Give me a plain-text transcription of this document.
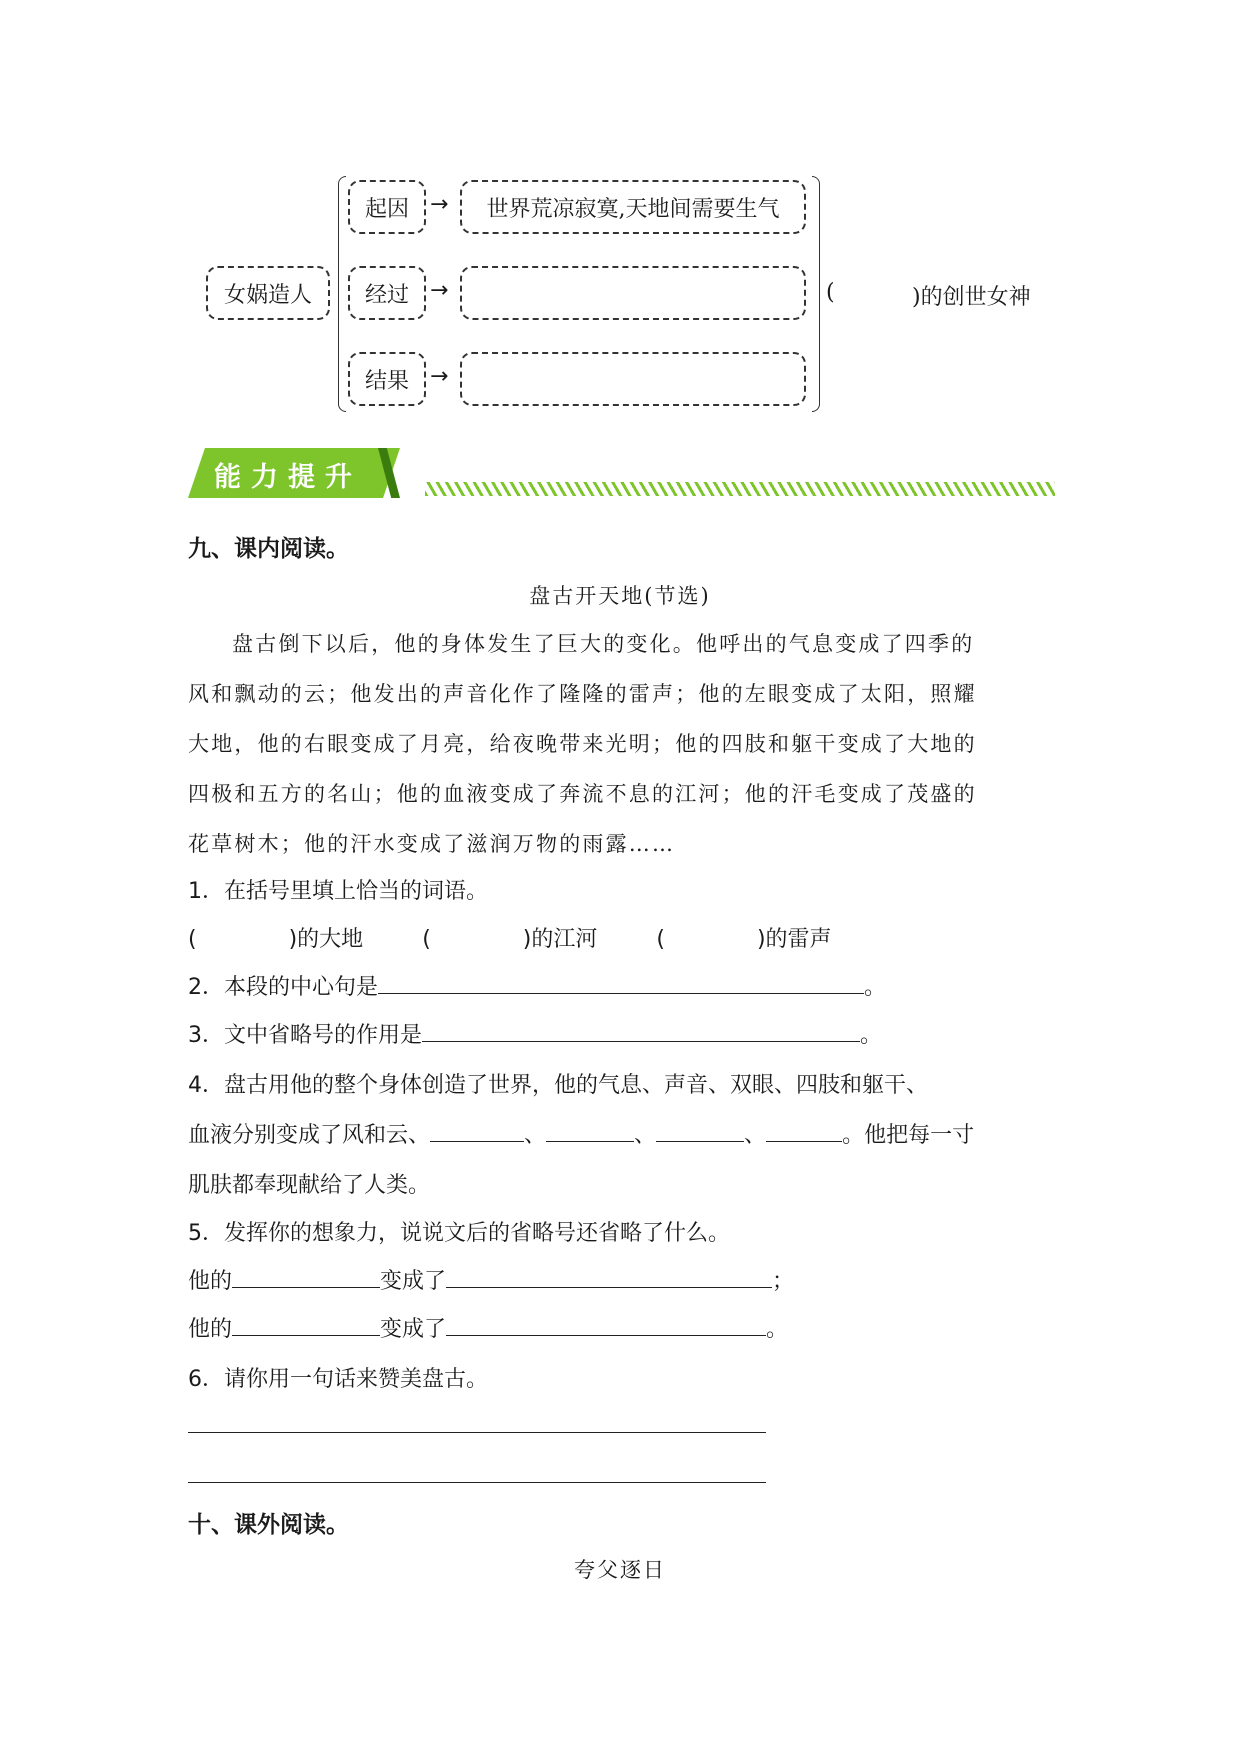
女娲造人
起因 → 世界荒凉寂寞,天地间需要生气
经过 →
结果 →
(	)的创世女神
能力提升
九、课内阅读。
盘古开天地(节选)
盘古倒下以后，他的身体发生了巨大的变化。他呼出的气息变成了四季的
风和飘动的云；他发出的声音化作了隆隆的雷声；他的左眼变成了太阳，照耀
大地，他的右眼变成了月亮，给夜晚带来光明；他的四肢和躯干变成了大地的
四极和五方的名山；他的血液变成了奔流不息的江河；他的汗毛变成了茂盛的
花草树木；他的汗水变成了滋润万物的雨露……
1．在括号里填上恰当的词语。
(	)的大地	(	)的江河	(	)的雷声
2．本段的中心句是	。
3．文中省略号的作用是	。
4．盘古用他的整个身体创造了世界，他的气息、声音、双眼、四肢和躯干、
血液分别变成了风和云、	、	、	、	。他把每一寸
肌肤都奉现献给了人类。
5．发挥你的想象力，说说文后的省略号还省略了什么。
他的	变成了	；
他的	变成了	。
6．请你用一句话来赞美盘古。
十、课外阅读。
夸父逐日
